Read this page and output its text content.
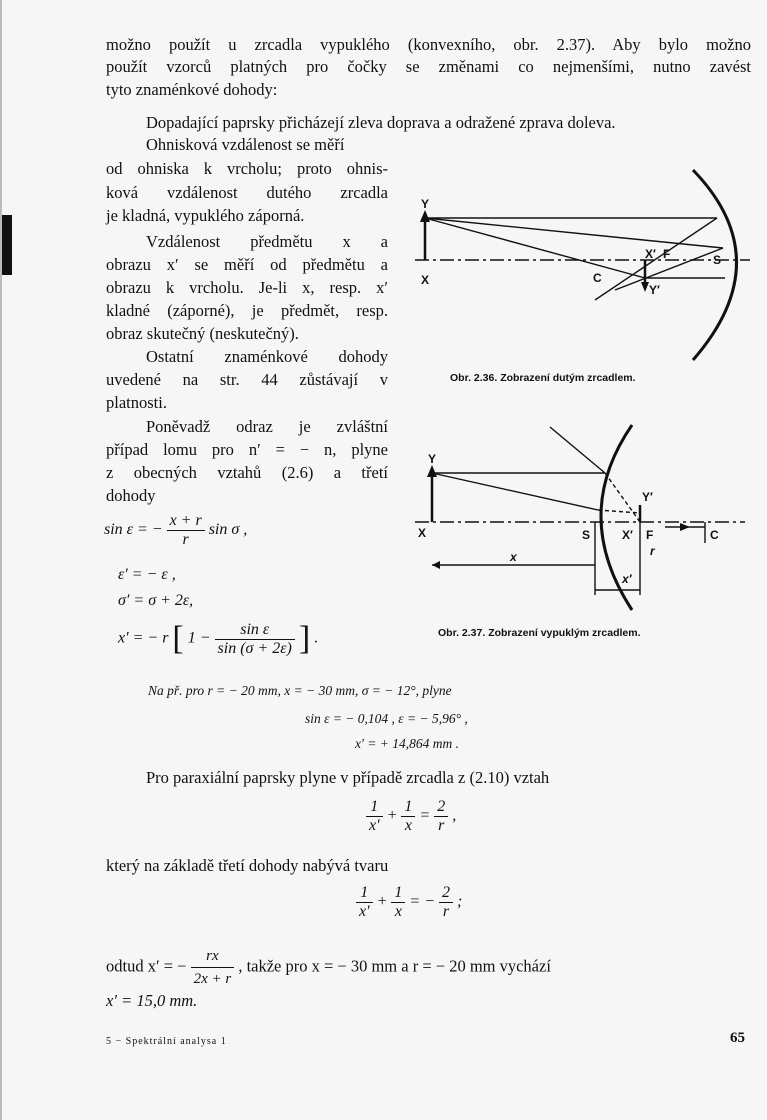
možno použít u zrcadla vypuklého (konvexního, obr. 2.37). Aby bylo možno
použít vzorců platných pro čočky se změnami co nejmenšími, nutno zavést
tyto znaménkové dohody:
Dopadající paprsky přicházejí zleva doprava a odražené zprava doleva.
Ohnisková vzdálenost se měří
od ohniska k vrcholu; proto ohnis-
ková vzdálenost dutého zrcadla
je kladná, vypuklého záporná.
Vzdálenost předmětu x a
obrazu x′ se měří od předmětu a
obrazu k vrcholu. Je-li x, resp. x′
kladné (záporné), je předmět, resp.
obraz skutečný (neskutečný).
Ostatní znaménkové dohody
uvedené na str. 44 zůstávají v
platnosti.
Poněvadž odraz je zvláštní
případ lomu pro n′ = − n, plyne
z obecných vztahů (2.6) a třetí
dohody
Y
X	C
X′ F	S
Y′
Obr. 2.36. Zobrazení dutým zrcadlem.
Y
X	S	X′ F	C
Y′
r
x
x′
Obr. 2.37. Zobrazení vypuklým zrcadlem.
sin ε = − $\frac{x + r}{r}$ sin σ ,
ε′ = − ε ,
σ′ = σ + 2ε,
x′ = − r [ $1 - \frac{\text{sin ε}}{\sin (\sigma + 2\varepsilon)}$ ] .
Na př. pro r = − 20 mm, x = − 30 mm, σ = − 12°, plyne
sin ε = − 0,104 , ε = − 5,96° ,
x′ = + 14,864 mm .
Pro paraxiální paprsky plyne v případě zrcadla z (2.10) vztah
$\frac{1}{x'} + \frac{1}{x} = \frac{2}{r}$ ,
který na základě třetí dohody nabývá tvaru
$\frac{1}{x'} + \frac{1}{x}$ = − $\frac{2}{r}$ ;
odtud x′ = − $\frac{rx}{2x + r}$ , takže pro x = − 30 mm a r = − 20 mm vychází
x′ = 15,0 mm.
5 − Spektrální analysa 1	65
